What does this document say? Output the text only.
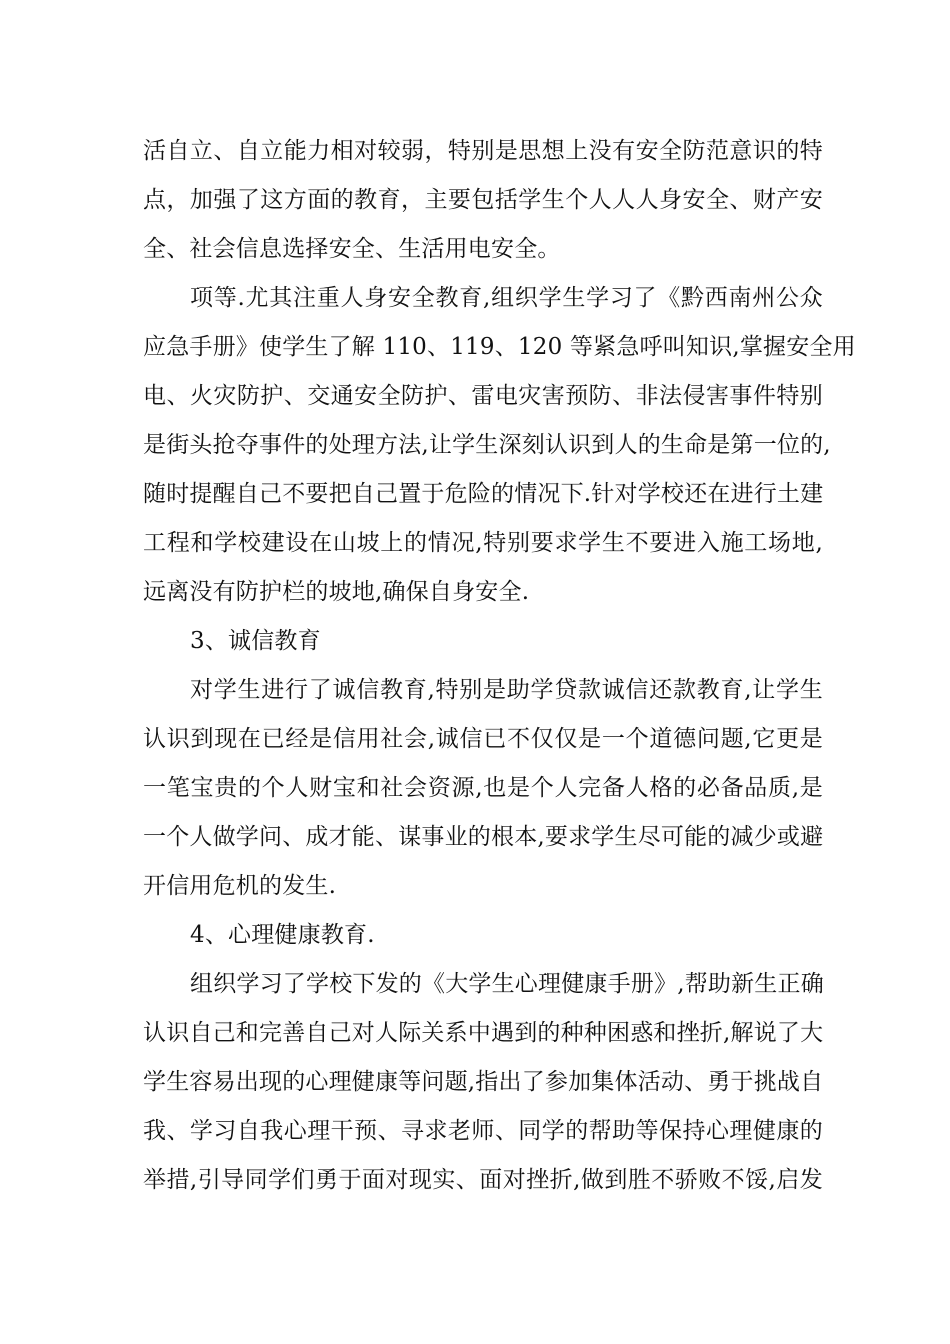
活自立、自立能力相对较弱，特别是思想上没有安全防范意识的特

点，加强了这方面的教育，主要包括学生个人人人身安全、财产安

全、社会信息选择安全、生活用电安全。

项等.尤其注重人身安全教育,组织学生学习了《黔西南州公众

应急手册》使学生了解 110、119、120 等紧急呼叫知识,掌握安全用

电、火灾防护、交通安全防护、雷电灾害预防、非法侵害事件特别

是街头抢夺事件的处理方法,让学生深刻认识到人的生命是第一位的,

随时提醒自己不要把自己置于危险的情况下.针对学校还在进行土建

工程和学校建设在山坡上的情况,特别要求学生不要进入施工场地,

远离没有防护栏的坡地,确保自身安全.

3、诚信教育

对学生进行了诚信教育,特别是助学贷款诚信还款教育,让学生

认识到现在已经是信用社会,诚信已不仅仅是一个道德问题,它更是

一笔宝贵的个人财宝和社会资源,也是个人完备人格的必备品质,是

一个人做学问、成才能、谋事业的根本,要求学生尽可能的减少或避

开信用危机的发生.

4、心理健康教育.

组织学习了学校下发的《大学生心理健康手册》,帮助新生正确

认识自己和完善自己对人际关系中遇到的种种困惑和挫折,解说了大

学生容易出现的心理健康等问题,指出了参加集体活动、勇于挑战自

我、学习自我心理干预、寻求老师、同学的帮助等保持心理健康的

举措,引导同学们勇于面对现实、面对挫折,做到胜不骄败不馁,启发
